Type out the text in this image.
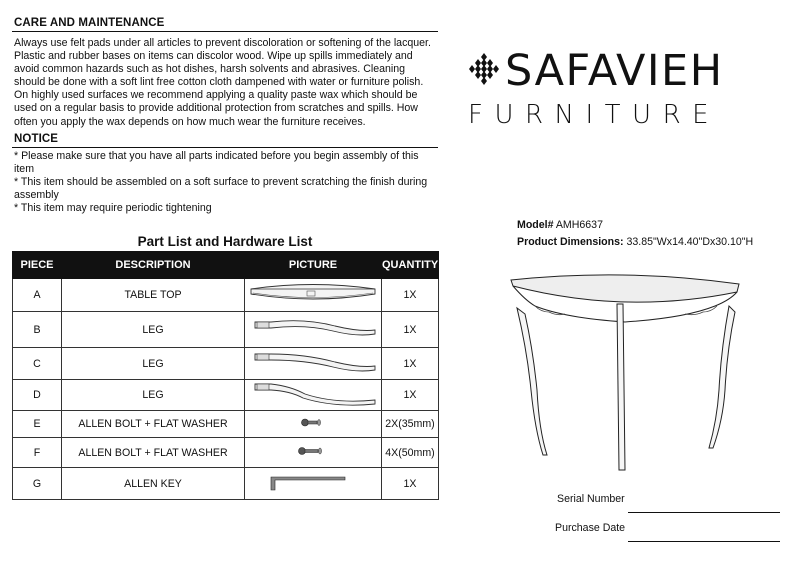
CARE AND MAINTENANCE
Always use felt pads under all articles to prevent discoloration or softening of the lacquer.
Plastic and rubber bases on items can discolor wood. Wipe up spills immediately and
avoid common hazards such as hot dishes, harsh solvents and abrasives. Cleaning
should be done with a soft lint free cotton cloth dampened with water or furniture polish.
On highly used surfaces we recommend applying a quality paste wax which should be
used on a regular basis to provide additional protection from scratches and spills. How
often you apply the wax depends on how much wear the furniture receives.
NOTICE
* Please make sure that you have all parts indicated before you begin assembly of this
item
* This item should be assembled on a soft surface to prevent scratching the finish during
assembly
* This item may require periodic tightening
Part List and Hardware List
PIECE	DESCRIPTION	PICTURE	QUANTITY
A	TABLE TOP		1X
B	LEG		1X
C	LEG		1X
D	LEG		1X
E	ALLEN BOLT + FLAT WASHER		2X(35mm)
F	ALLEN BOLT + FLAT WASHER		4X(50mm)
G	ALLEN KEY		1X
SAFAVIEH
FURNITURE
Model# AMH6637
Product Dimensions: 33.85"Wx14.40"Dx30.10"H
Serial Number
Purchase Date
